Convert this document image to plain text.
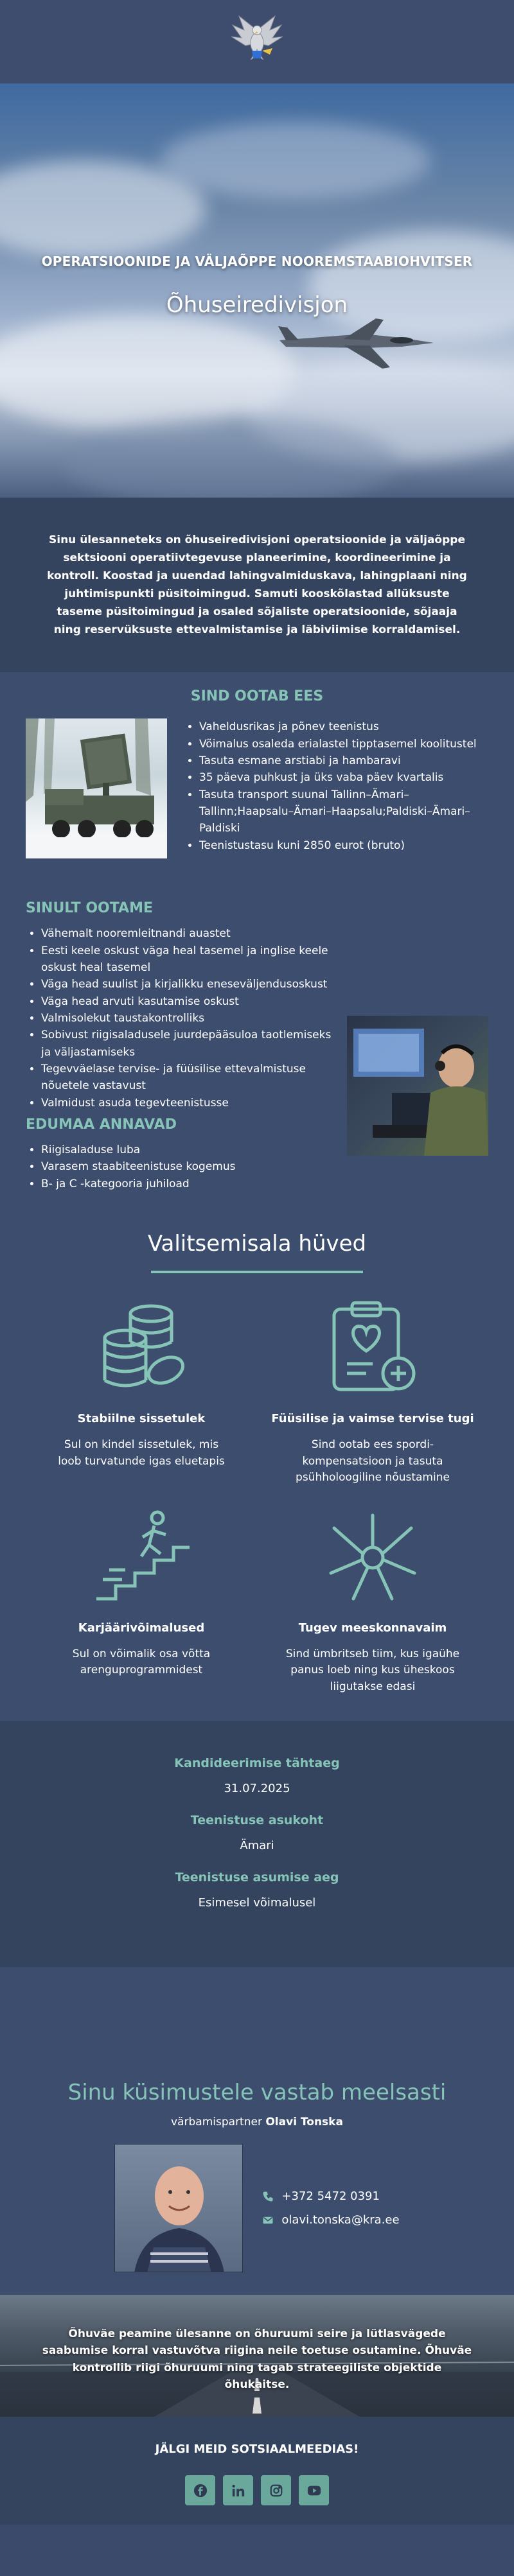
OPERATSIOONIDE JA VÄLJAÕPPE NOOREMSTAABIOHVITSER
Õhuseiredivisjon

Sinu ülesanneteks on õhuseiredivisjoni operatsioonide ja väljaõppe sektsiooni operatiivtegevuse planeerimine, koordineerimine ja kontroll. Koostad ja uuendad lahingvalmiduskava, lahingplaani ning juhtimispunkti püsitoimingud. Samuti kooskõlastad allüksuste taseme püsitoimingud ja osaled sõjaliste operatsioonide, sõjaaja ning reservüksuste ettevalmistamise ja läbiviimise korraldamisel.

SIND OOTAB EES
• Vaheldusrikas ja põnev teenistus
• Võimalus osaleda erialastel tipptasemel koolitustel
• Tasuta esmane arstiabi ja hambaravi
• 35 päeva puhkust ja üks vaba päev kvartalis
• Tasuta transport suunal Tallinn–Ämari–Tallinn;Haapsalu–Ämari–Haapsalu;Paldiski–Ämari–Paldiski
• Teenistustasu kuni 2850 eurot (bruto)
SINULT OOTAME
• Vähemalt nooremleitnandi auastet
• Eesti keele oskust väga heal tasemel ja inglise keele oskust heal tasemel
• Väga head suulist ja kirjalikku eneseväljendusoskust
• Väga head arvuti kasutamise oskust
• Valmisolekut taustakontrolliks
• Sobivust riigisaladusele juurdepääsuloa taotlemiseks ja väljastamiseks
• Tegevväelase tervise- ja füüsilise ettevalmistuse nõuetele vastavust
• Valmidust asuda tegevteenistusse
EDUMAA ANNAVAD
• Riigisaladuse luba
• Varasem staabiteenistuse kogemus
• B- ja C -kategooria juhiload
Valitsemisala hüved
Stabiilne sissetulek
Sul on kindel sissetulek, mis loob turvatunde igas eluetapis
Füüsilise ja vaimse tervise tugi
Sind ootab ees spordi-kompensatsioon ja tasuta psühholoogiline nõustamine
Karjäärivõimalused
Sul on võimalik osa võtta arenguprogrammidest
Tugev meeskonnavaim
Sind ümbritseb tiim, kus igaühe panus loeb ning kus üheskoos liigutakse edasi
Kandideerimise tähtaeg
31.07.2025
Teenistuse asukoht
Ämari
Teenistuse asumise aeg
Esimesel võimalusel
Sinu küsimustele vastab meelsasti
värbamispartner Olavi Tonska
+372 5472 0391
olavi.tonska@kra.ee
Õhuväe peamine ülesanne on õhuruumi seire ja lütlasvägede saabumise korral vastuvõtva riigina neile toetuse osutamine. Õhuväe kontrollib riigi õhuruumi ning tagab strateegiliste objektide õhukaitse.
JÄLGI MEID SOTSIAALMEEDIAS!
